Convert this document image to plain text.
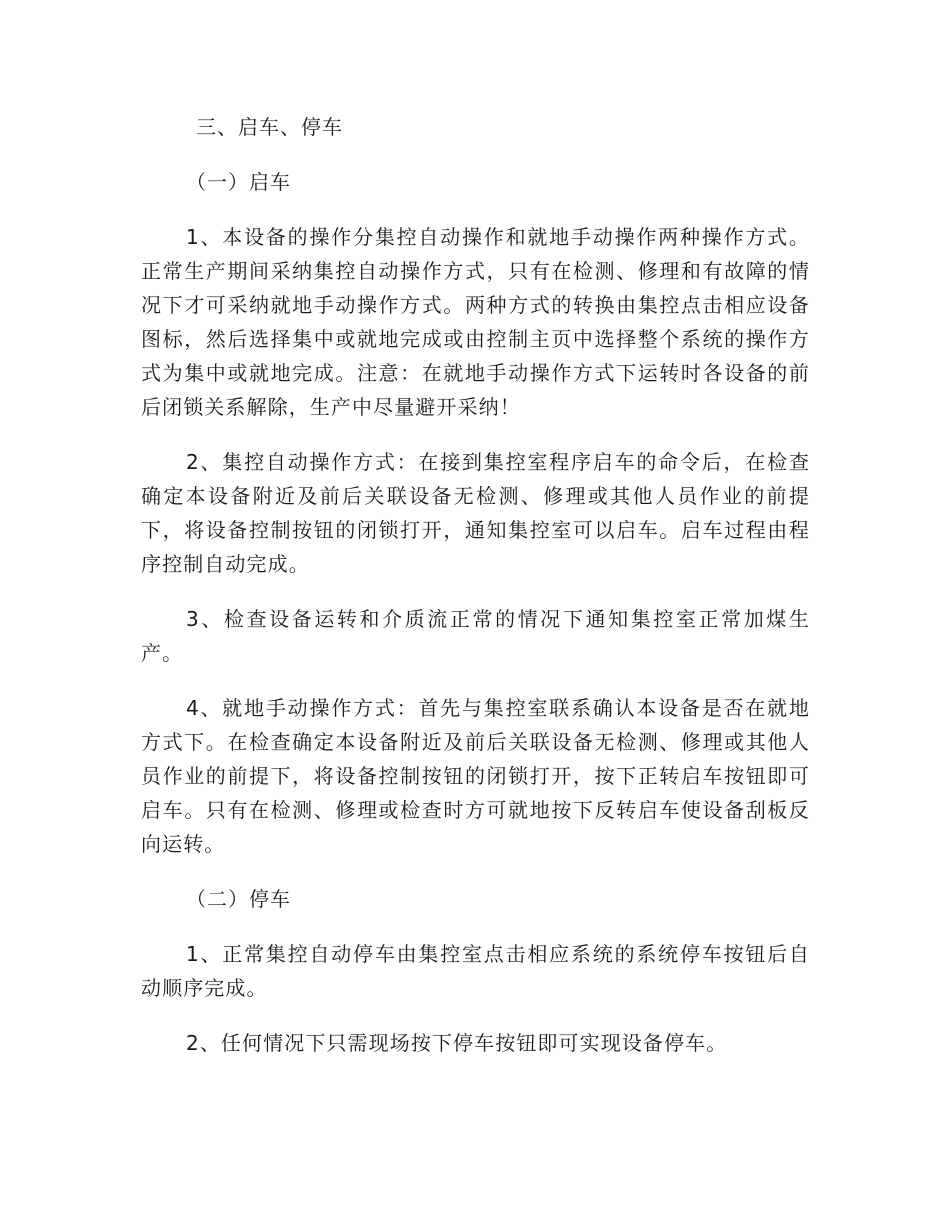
三、启车、停车
（一）启车

1、本设备的操作分集控自动操作和就地手动操作两种操作方式。正常生产期间采纳集控自动操作方式，只有在检测、修理和有故障的情况下才可采纳就地手动操作方式。两种方式的转换由集控点击相应设备图标，然后选择集中或就地完成或由控制主页中选择整个系统的操作方式为集中或就地完成。注意：在就地手动操作方式下运转时各设备的前后闭锁关系解除，生产中尽量避开采纳！

2、集控自动操作方式：在接到集控室程序启车的命令后，在检查确定本设备附近及前后关联设备无检测、修理或其他人员作业的前提下，将设备控制按钮的闭锁打开，通知集控室可以启车。启车过程由程序控制自动完成。

3、检查设备运转和介质流正常的情况下通知集控室正常加煤生产。

4、就地手动操作方式：首先与集控室联系确认本设备是否在就地方式下。在检查确定本设备附近及前后关联设备无检测、修理或其他人员作业的前提下，将设备控制按钮的闭锁打开，按下正转启车按钮即可启车。只有在检测、修理或检查时方可就地按下反转启车使设备刮板反向运转。

（二）停车

1、正常集控自动停车由集控室点击相应系统的系统停车按钮后自动顺序完成。

2、任何情况下只需现场按下停车按钮即可实现设备停车。
